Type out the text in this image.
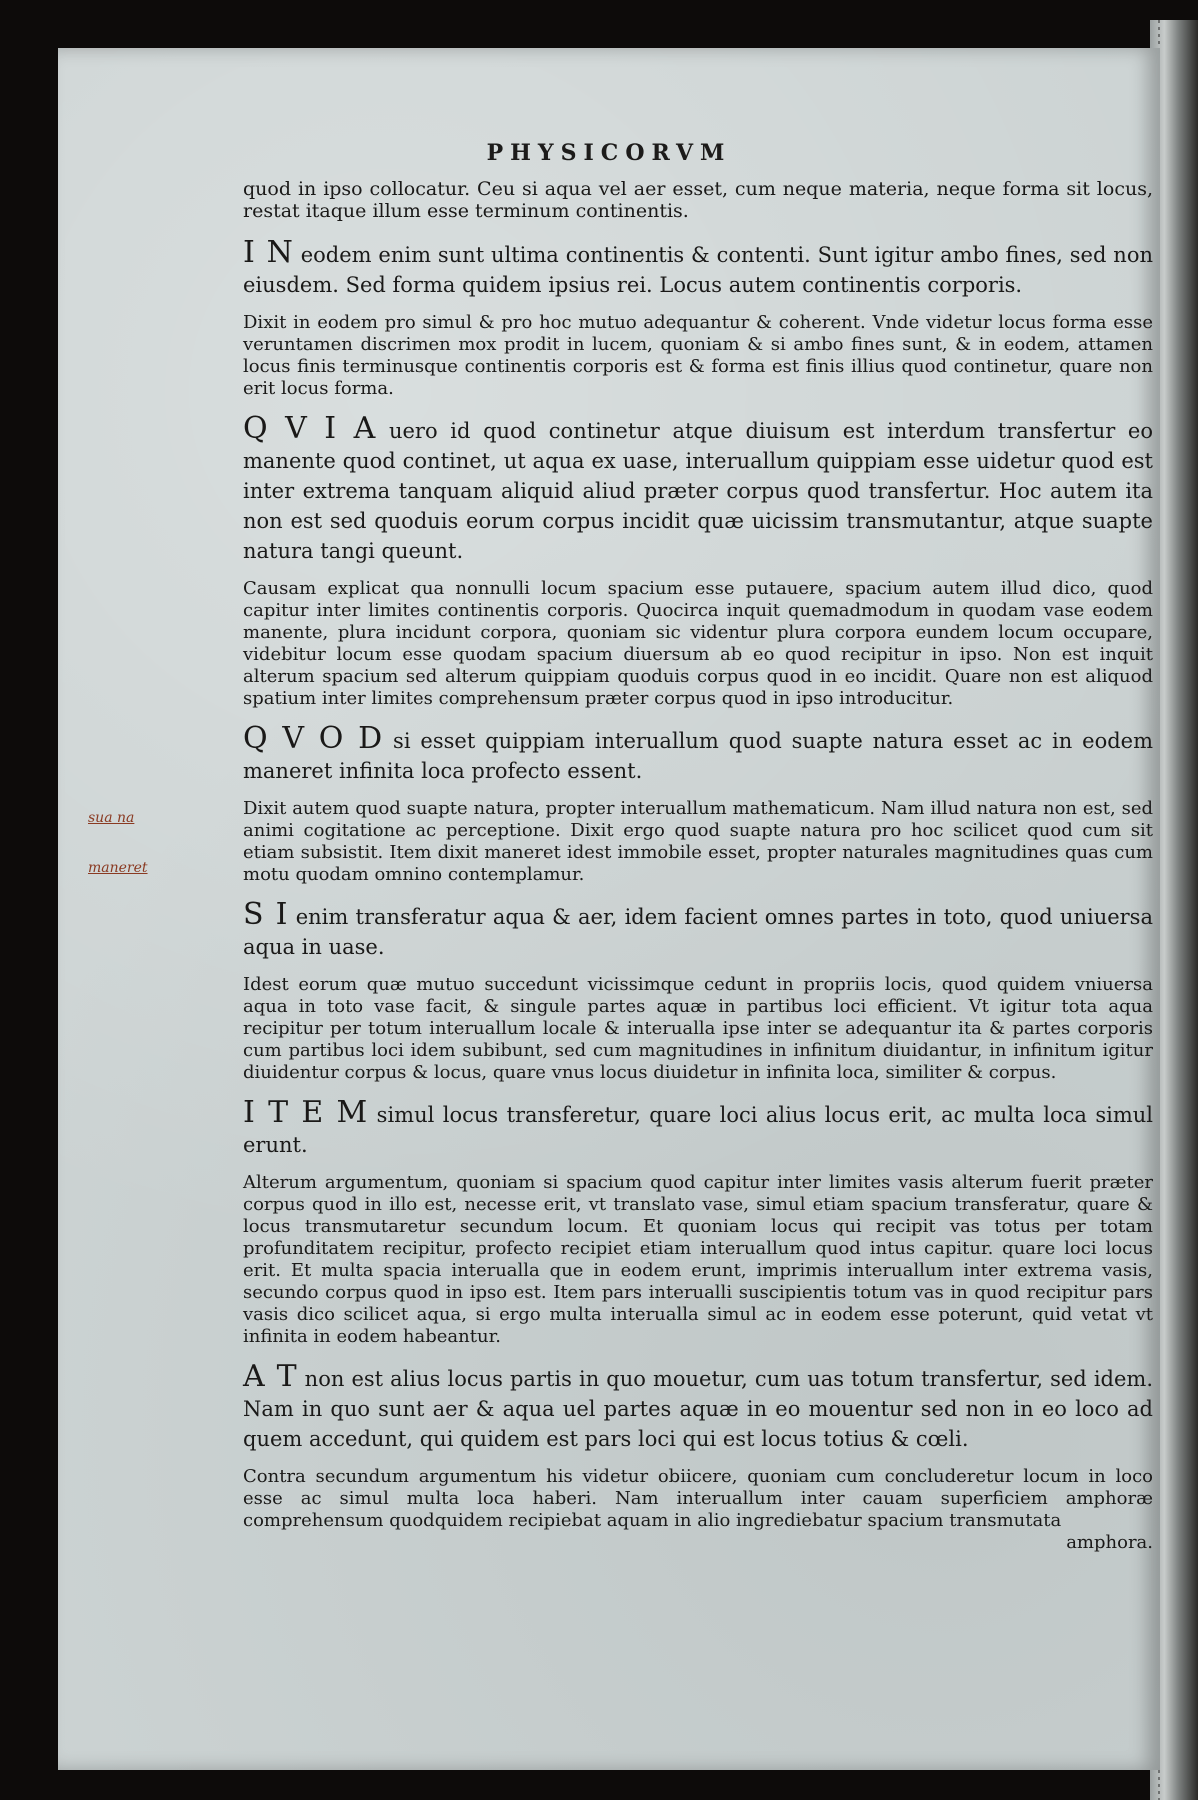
PHYSICORVM
sua na
maneret

quod in ipso collocatur. Ceu si aqua vel aer esset, cum neque materia, neque forma sit locus, restat itaque illum esse terminum continentis.

I N eodem enim sunt ultima continentis & contenti. Sunt igitur ambo fines, sed non eiusdem. Sed forma quidem ipsius rei. Locus autem continentis corporis.

Dixit in eodem pro simul & pro hoc mutuo adequantur & coherent. Vnde videtur locus forma esse veruntamen discrimen mox prodit in lucem, quoniam & si ambo fines sunt, & in eodem, attamen locus finis terminusque continentis corporis est & forma est finis illius quod continetur, quare non erit locus forma.

Q V I A uero id quod continetur atque diuisum est interdum transfertur eo manente quod continet, ut aqua ex uase, interuallum quippiam esse uidetur quod est inter extrema tanquam aliquid aliud præter corpus quod transfertur. Hoc autem ita non est sed quoduis eorum corpus incidit quæ uicissim transmutantur, atque suapte natura tangi queunt.

Causam explicat qua nonnulli locum spacium esse putauere, spacium autem illud dico, quod capitur inter limites continentis corporis. Quocirca inquit quemadmodum in quodam vase eodem manente, plura incidunt corpora, quoniam sic videntur plura corpora eundem locum occupare, videbitur locum esse quodam spacium diuersum ab eo quod recipitur in ipso. Non est inquit alterum spacium sed alterum quippiam quoduis corpus quod in eo incidit. Quare non est aliquod spatium inter limites comprehensum præter corpus quod in ipso introducitur.

Q V O D si esset quippiam interuallum quod suapte natura esset ac in eodem maneret infinita loca profecto essent.

Dixit autem quod suapte natura, propter interuallum mathematicum. Nam illud natura non est, sed animi cogitatione ac perceptione. Dixit ergo quod suapte natura pro hoc scilicet quod cum sit etiam subsistit. Item dixit maneret idest immobile esset, propter naturales magnitudines quas cum motu quodam omnino contemplamur.

S I enim transferatur aqua & aer, idem facient omnes partes in toto, quod uniuersa aqua in uase.

Idest eorum quæ mutuo succedunt vicissimque cedunt in propriis locis, quod quidem vniuersa aqua in toto vase facit, & singule partes aquæ in partibus loci efficient. Vt igitur tota aqua recipitur per totum interuallum locale & interualla ipse inter se adequantur ita & partes corporis cum partibus loci idem subibunt, sed cum magnitudines in infinitum diuidantur, in infinitum igitur diuidentur corpus & locus, quare vnus locus diuidetur in infinita loca, similiter & corpus.

I T E M simul locus transferetur, quare loci alius locus erit, ac multa loca simul erunt.

Alterum argumentum, quoniam si spacium quod capitur inter limites vasis alterum fuerit præter corpus quod in illo est, necesse erit, vt translato vase, simul etiam spacium transferatur, quare & locus transmutaretur secundum locum. Et quoniam locus qui recipit vas totus per totam profunditatem recipitur, profecto recipiet etiam interuallum quod intus capitur. quare loci locus erit. Et multa spacia interualla que in eodem erunt, imprimis interuallum inter extrema vasis, secundo corpus quod in ipso est. Item pars interualli suscipientis totum vas in quod recipitur pars vasis dico scilicet aqua, si ergo multa interualla simul ac in eodem esse poterunt, quid vetat vt infinita in eodem habeantur.

A T non est alius locus partis in quo mouetur, cum uas totum transfertur, sed idem. Nam in quo sunt aer & aqua uel partes aquæ in eo mouentur sed non in eo loco ad quem accedunt, qui quidem est pars loci qui est locus totius & cœli.

Contra secundum argumentum his videtur obiicere, quoniam cum concluderetur locum in loco esse ac simul multa loca haberi. Nam interuallum inter cauam superficiem amphoræ comprehensum quodquidem recipiebat aquam in alio ingrediebatur spacium transmutata

amphora.
